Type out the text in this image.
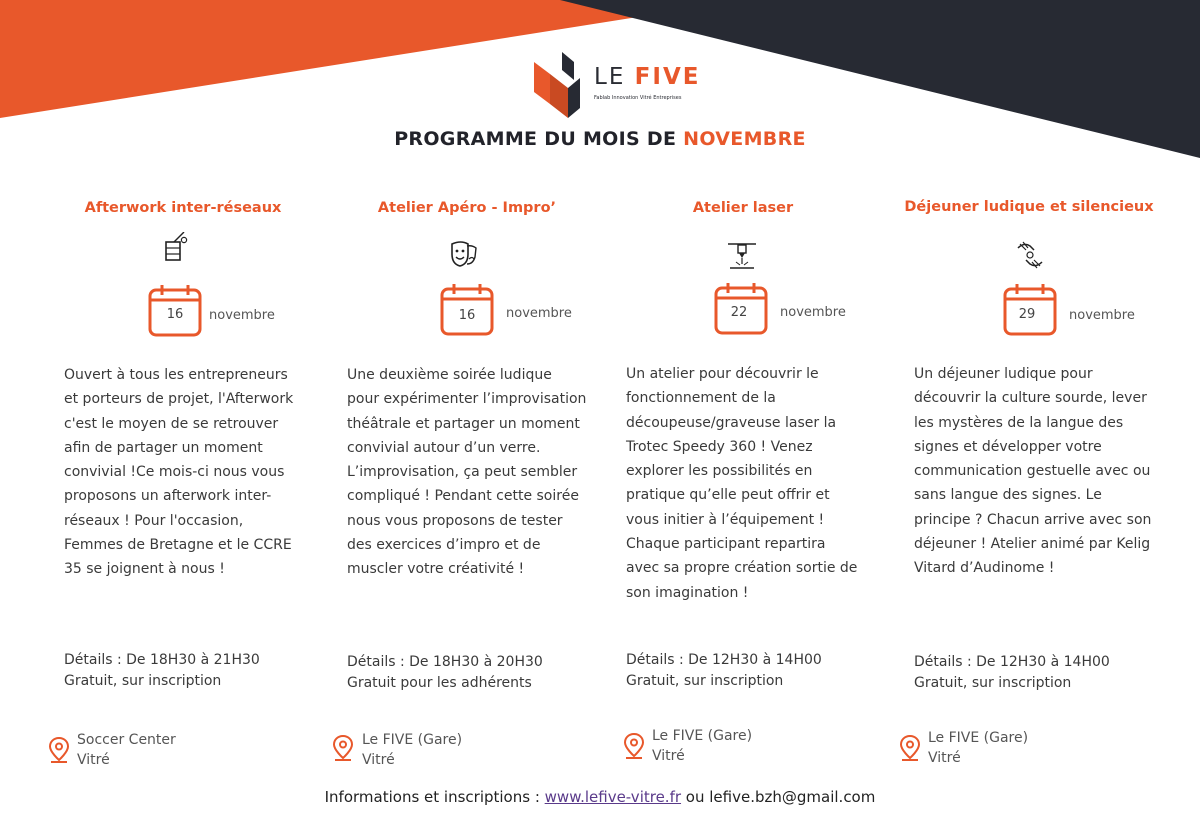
LE FIVE
Fablab Innovation Vitré Entreprises
PROGRAMME DU MOIS DE NOVEMBRE
Afterwork inter-réseaux
16	novembre
Ouvert à tous les entrepreneurs et porteurs de projet, l'Afterwork c'est le moyen de se retrouver afin de partager un moment convivial !Ce mois-ci nous vous proposons un afterwork inter-réseaux ! Pour l'occasion, Femmes de Bretagne et le CCRE 35 se joignent à nous !
Détails : De 18H30 à 21H30
Gratuit, sur inscription
Soccer Center
Vitré
Atelier Apéro - Impro’
16	novembre
Une deuxième soirée ludique pour expérimenter l’improvisation théâtrale et partager un moment convivial autour d’un verre. L’improvisation, ça peut sembler compliqué ! Pendant cette soirée nous vous proposons de tester des exercices d’impro et de muscler votre créativité !
Détails : De 18H30 à 20H30
Gratuit pour les adhérents
Le FIVE (Gare)
Vitré
Atelier laser
22	novembre
Un atelier pour découvrir le fonctionnement de la découpeuse/graveuse laser la Trotec Speedy 360 ! Venez explorer les possibilités en pratique qu’elle peut offrir et vous initier à l’équipement ! Chaque participant repartira avec sa propre création sortie de son imagination !
Détails : De 12H30 à 14H00
Gratuit, sur inscription
Le FIVE (Gare)
Vitré
Déjeuner ludique et silencieux
29	novembre
Un déjeuner ludique pour découvrir la culture sourde, lever les mystères de la langue des signes et développer votre communication gestuelle avec ou sans langue des signes. Le principe ? Chacun arrive avec son déjeuner ! Atelier animé par Kelig Vitard d’Audinome !
Détails : De 12H30 à 14H00
Gratuit, sur inscription
Le FIVE (Gare)
Vitré
Informations et inscriptions : www.lefive-vitre.fr ou lefive.bzh@gmail.com
